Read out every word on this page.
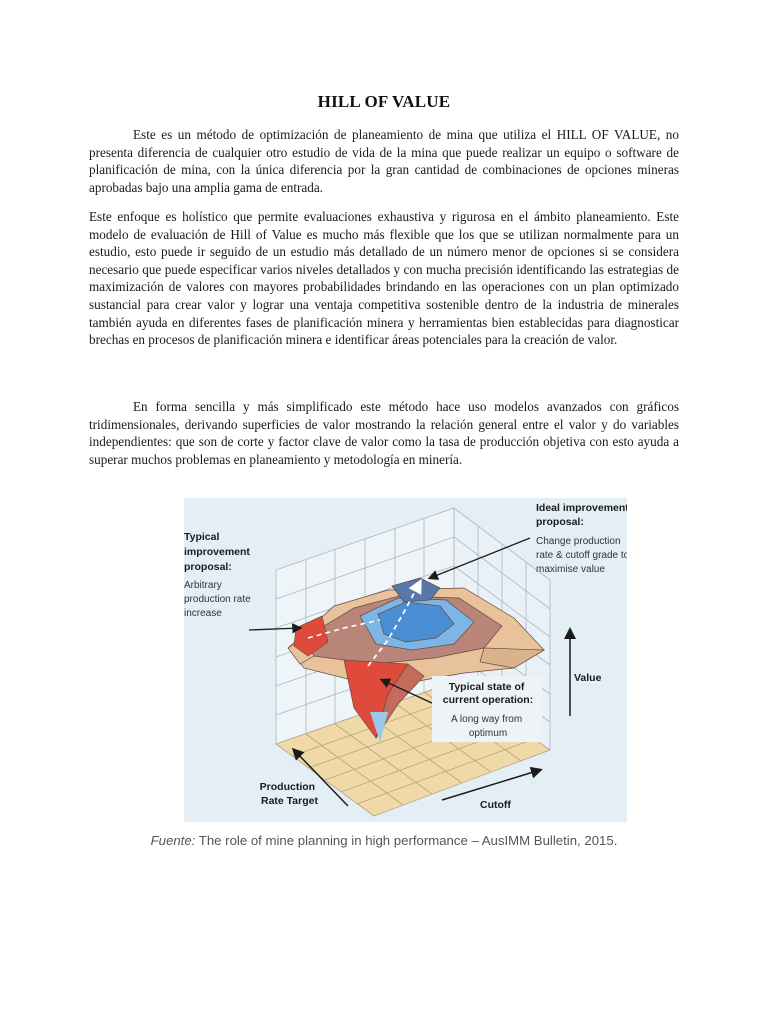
HILL OF VALUE

Este es un método de optimización de planeamiento de mina que utiliza el HILL OF VALUE, no presenta diferencia de cualquier otro estudio de vida de la mina que puede realizar un equipo o software de planificación de mina, con la única diferencia por la gran cantidad de combinaciones de opciones mineras aprobadas bajo una amplia gama de entrada.

Este enfoque es holístico que permite evaluaciones exhaustiva y rigurosa en el ámbito planeamiento. Este modelo de evaluación de Hill of Value es mucho más flexible que los que se utilizan normalmente para un estudio, esto puede ir seguido de un estudio más detallado de un número menor de opciones si se considera necesario que puede especificar varios niveles detallados y con mucha precisión identificando las estrategias de maximización de valores con mayores probabilidades brindando en las operaciones con un plan optimizado sustancial para crear valor y lograr una ventaja competitiva sostenible dentro de la industria de minerales también ayuda en diferentes fases de planificación minera y herramientas bien establecidas para diagnosticar brechas en procesos de planificación minera e identificar áreas potenciales para la creación de valor.

En forma sencilla y más simplificado este método hace uso modelos avanzados con gráficos tridimensionales, derivando superficies de valor mostrando la relación general entre el valor y do variables independientes: que son de corte y factor clave de valor como la tasa de producción objetiva con esto ayuda a superar muchos problemas en planeamiento y metodología en minería.

Typical improvement proposal:
Arbitrary production rate increase
Ideal improvement proposal:
Change production rate & cutoff grade to maximise value
Typical state of current operation:
A long way from optimum
Value
Production Rate Target	Cutoff
Fuente: The role of mine planning in high performance – AusIMM Bulletin, 2015.
